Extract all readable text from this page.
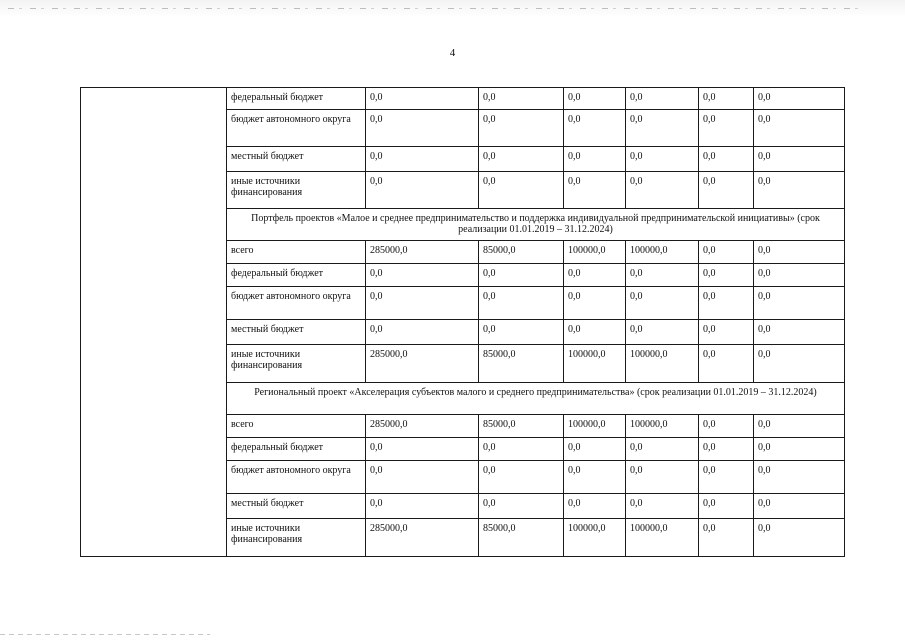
4
	федеральный бюджет	0,0	0,0	0,0	0,0	0,0	0,0
	бюджет автономного округа	0,0	0,0	0,0	0,0	0,0	0,0
	местный бюджет	0,0	0,0	0,0	0,0	0,0	0,0
	иные источники финансирования	0,0	0,0	0,0	0,0	0,0	0,0
	Портфель проектов «Малое и среднее предпринимательство и поддержка индивидуальной предпринимательской инициативы» (срок реализации 01.01.2019 – 31.12.2024)						
	всего	285000,0	85000,0	100000,0	100000,0	0,0	0,0
	федеральный бюджет	0,0	0,0	0,0	0,0	0,0	0,0
	бюджет автономного округа	0,0	0,0	0,0	0,0	0,0	0,0
	местный бюджет	0,0	0,0	0,0	0,0	0,0	0,0
	иные источники финансирования	285000,0	85000,0	100000,0	100000,0	0,0	0,0
	Региональный проект «Акселерация субъектов малого и среднего предпринимательства» (срок реализации 01.01.2019 – 31.12.2024)						
	всего	285000,0	85000,0	100000,0	100000,0	0,0	0,0
	федеральный бюджет	0,0	0,0	0,0	0,0	0,0	0,0
	бюджет автономного округа	0,0	0,0	0,0	0,0	0,0	0,0
	местный бюджет	0,0	0,0	0,0	0,0	0,0	0,0
	иные источники финансирования	285000,0	85000,0	100000,0	100000,0	0,0	0,0
